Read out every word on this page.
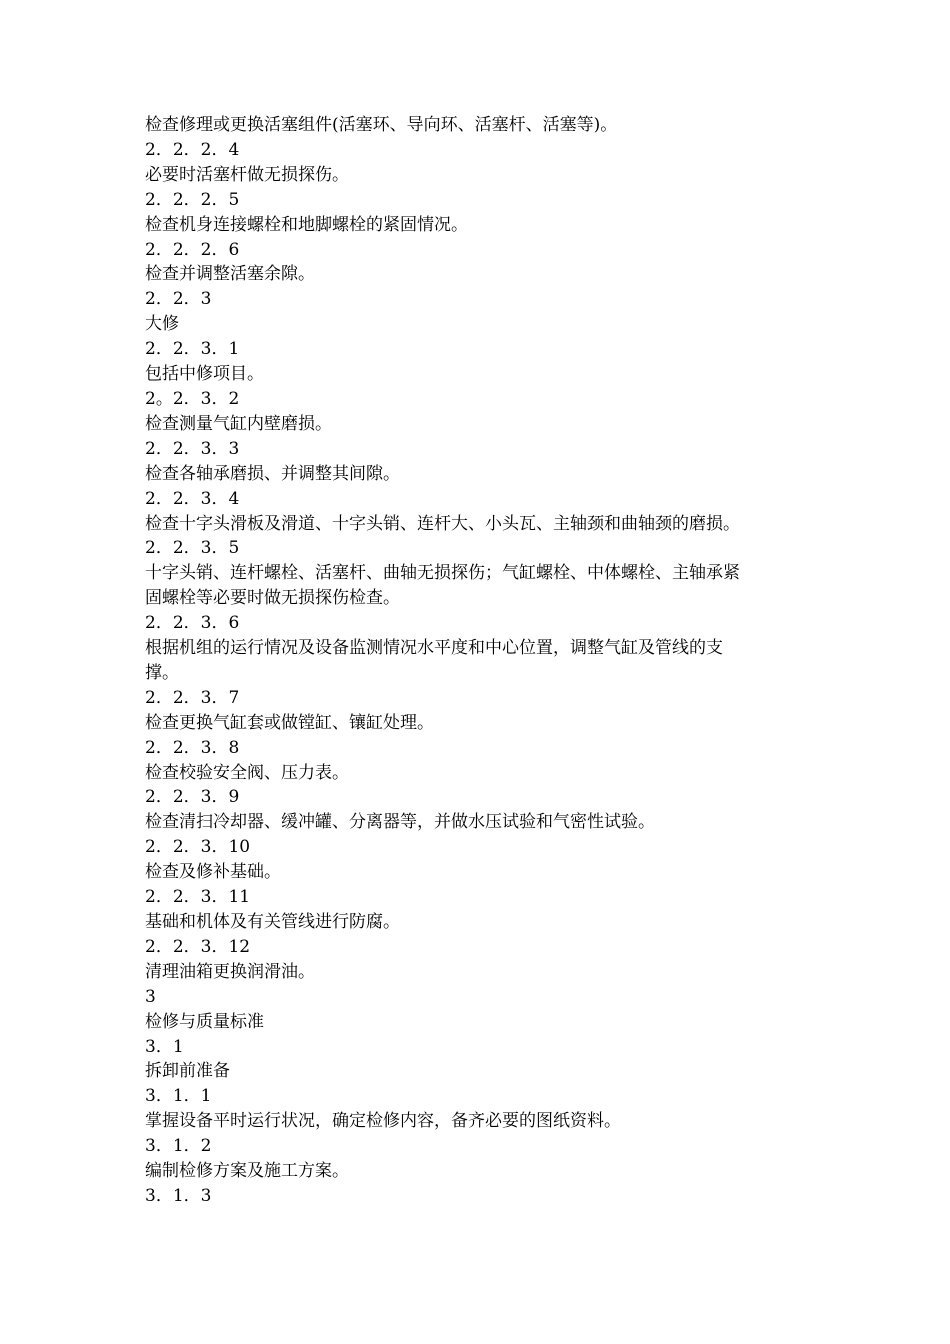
检查修理或更换活塞组件(活塞环、导向环、活塞杆、活塞等)。
2．2．2．4
必要时活塞杆做无损探伤。
2．2．2．5
检查机身连接螺栓和地脚螺栓的紧固情况。
2．2．2．6
检查并调整活塞余隙。
2．2．3
大修
2．2．3．1
包括中修项目。
2。2．3．2
检查测量气缸内壁磨损。
2．2．3．3
检查各轴承磨损、并调整其间隙。
2．2．3．4
检查十字头滑板及滑道、十字头销、连杆大、小头瓦、主轴颈和曲轴颈的磨损。
2．2．3．5
十字头销、连杆螺栓、活塞杆、曲轴无损探伤；气缸螺栓、中体螺栓、主轴承紧
固螺栓等必要时做无损探伤检查。
2．2．3．6
根据机组的运行情况及设备监测情况水平度和中心位置，调整气缸及管线的支
撑。
2．2．3．7
检查更换气缸套或做镗缸、镶缸处理。
2．2．3．8
检查校验安全阀、压力表。
2．2．3．9
检查清扫冷却器、缓冲罐、分离器等，并做水压试验和气密性试验。
2．2．3．10
检查及修补基础。
2．2．3．11
基础和机体及有关管线进行防腐。
2．2．3．12
清理油箱更换润滑油。
3
检修与质量标准
3．1
拆卸前准备
3．1．1
掌握设备平时运行状况，确定检修内容，备齐必要的图纸资料。
3．1．2
编制检修方案及施工方案。
3．1．3
